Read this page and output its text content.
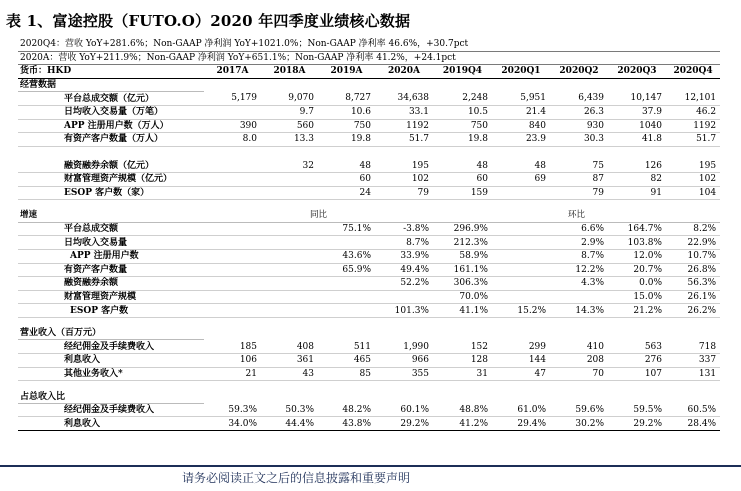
表 1、富途控股（FUTO.O）2020 年四季度业绩核心数据
2020Q4：营收 YoY+281.6%；Non-GAAP 净利润 YoY+1021.0%；Non-GAAP 净利率 46.6%，+30.7pct									
2020A：营收 YoY+211.9%；Non-GAAP 净利润 YoY+651.1%；Non-GAAP 净利率 41.2%，+24.1pct									
货币：HKD	2017A	2018A	2019A	2020A	2019Q4	2020Q1	2020Q2	2020Q3	2020Q4
经营数据									
平台总成交额（亿元）	5,179	9,070	8,727	34,638	2,248	5,951	6,439	10,147	12,101
日均收入交易量（万笔）		9.7	10.6	33.1	10.5	21.4	26.3	37.9	46.2
APP 注册用户数（万人）	390	560	750	1192	750	840	930	1040	1192
有资产客户数量（万人）	8.0	13.3	19.8	51.7	19.8	23.9	30.3	41.8	51.7

融资融券余额（亿元）		32	48	195	48	48	75	126	195
财富管理资产规模（亿元）			60	102	60	69	87	82	102
ESOP 客户数（家）			24	79	159		79	91	104

增速	同比				环比				
平台总成交额			75.1%	-3.8%	296.9%		6.6%	164.7%	8.2%
日均收入交易量				8.7%	212.3%		2.9%	103.8%	22.9%
APP 注册用户数			43.6%	33.9%	58.9%		8.7%	12.0%	10.7%
有资产客户数量			65.9%	49.4%	161.1%		12.2%	20.7%	26.8%
融资融券余额				52.2%	306.3%		4.3%	0.0%	56.3%
财富管理资产规模					70.0%			15.0%	26.1%
ESOP 客户数				101.3%	41.1%	15.2%	14.3%	21.2%	26.2%

营业收入（百万元）									
经纪佣金及手续费收入	185	408	511	1,990	152	299	410	563	718
利息收入	106	361	465	966	128	144	208	276	337
其他业务收入*	21	43	85	355	31	47	70	107	131

占总收入比									
经纪佣金及手续费收入	59.3%	50.3%	48.2%	60.1%	48.8%	61.0%	59.6%	59.5%	60.5%
利息收入	34.0%	44.4%	43.8%	29.2%	41.2%	29.4%	30.2%	29.2%	28.4%
请务必阅读正文之后的信息披露和重要声明
